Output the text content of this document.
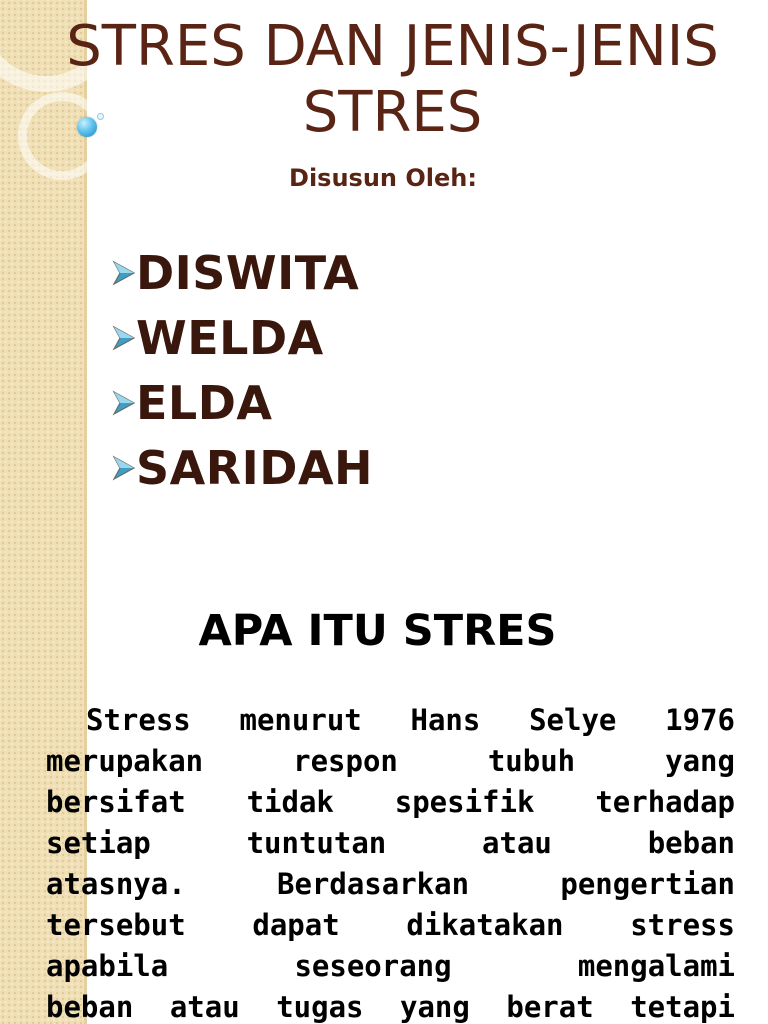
STRES DAN JENIS-JENIS
STRES
Disusun Oleh:
DISWITA
WELDA
ELDA
SARIDAH
APA ITU STRES
Stress menurut Hans Selye 1976
merupakan	respon	tubuh	yang
bersifat tidak spesifik terhadap
setiap	tuntutan	atau	beban
atasnya.	Berdasarkan	pengertian
tersebut dapat dikatakan stress
apabila	seseorang	mengalami
beban atau tugas yang berat tetapi
